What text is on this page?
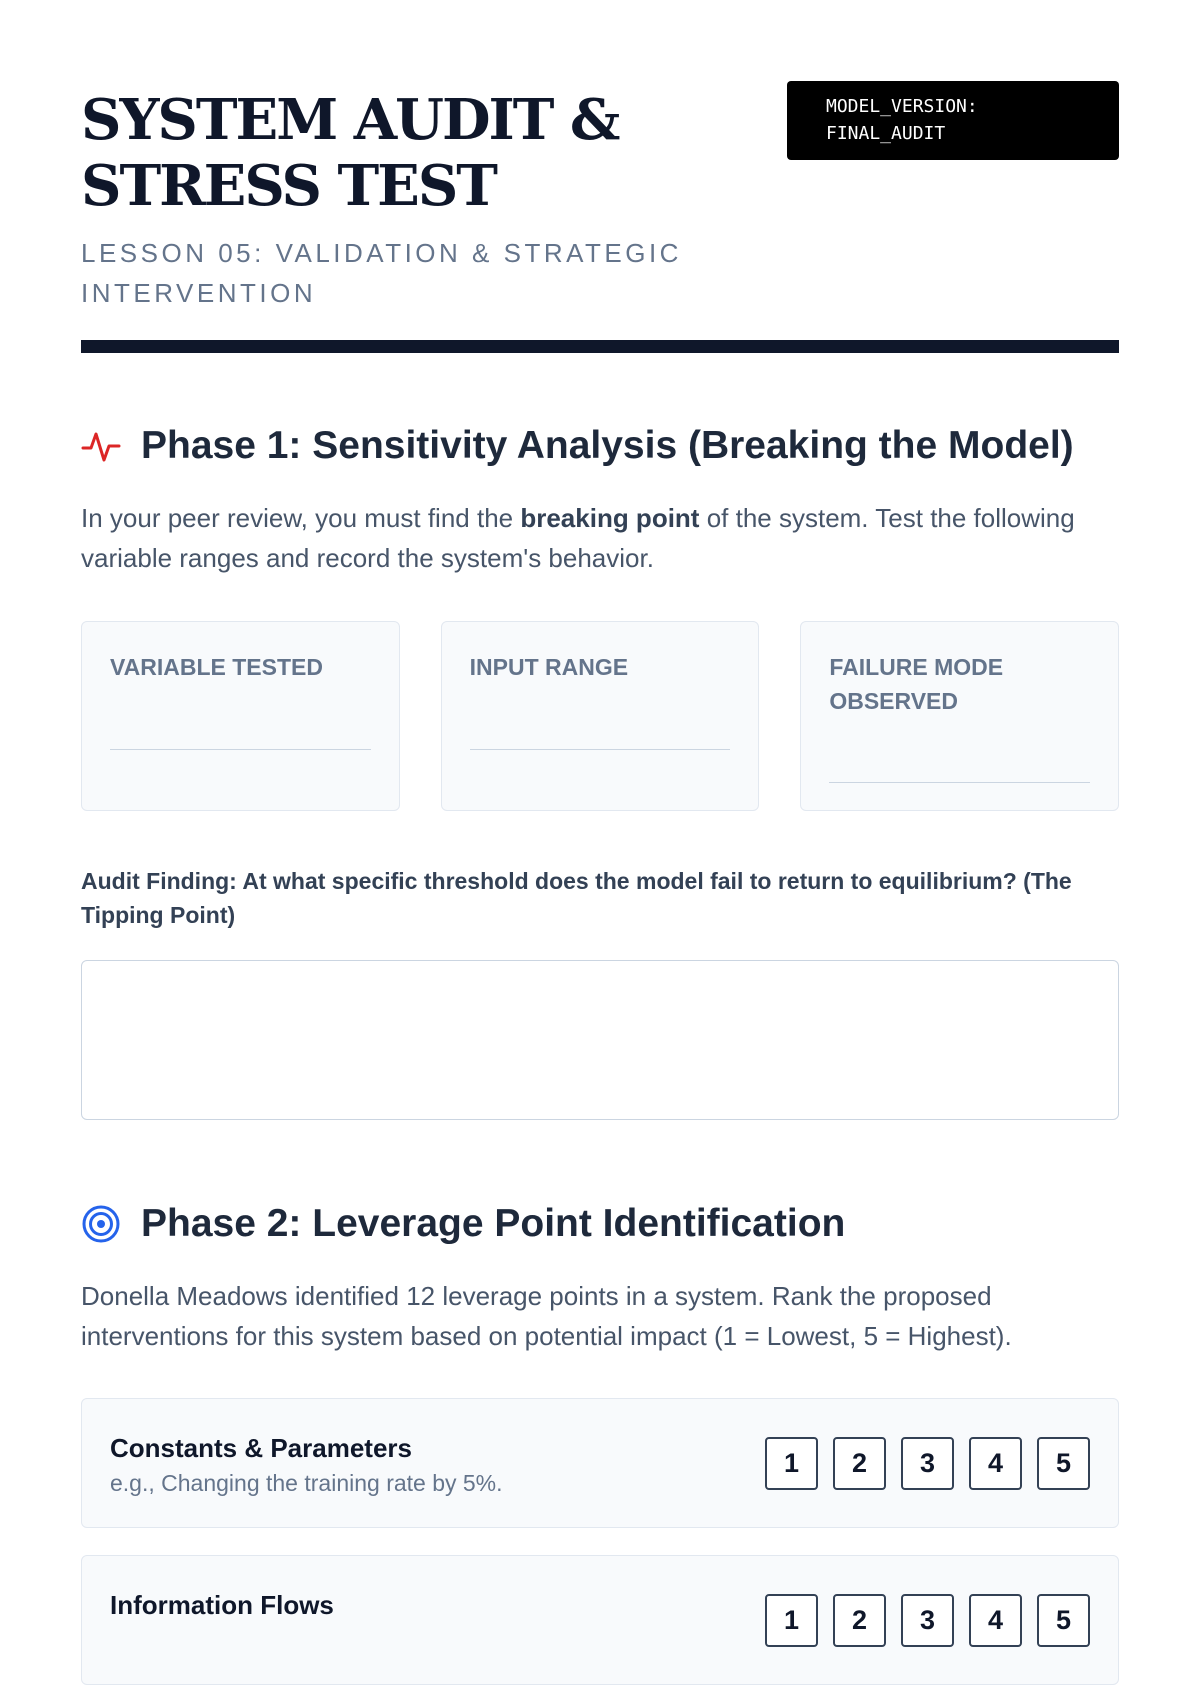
SYSTEM AUDIT & STRESS TEST
LESSON 05: VALIDATION & STRATEGIC INTERVENTION
MODEL_VERSION:
FINAL_AUDIT
Phase 1: Sensitivity Analysis (Breaking the Model)

In your peer review, you must find the breaking point of the system. Test the following variable ranges and record the system's behavior.

VARIABLE TESTED	INPUT RANGE	FAILURE MODE OBSERVED
Audit Finding: At what specific threshold does the model fail to return to equilibrium? (The Tipping Point)
Phase 2: Leverage Point Identification

Donella Meadows identified 12 leverage points in a system. Rank the proposed interventions for this system based on potential impact (1 = Lowest, 5 = Highest).

Constants & Parameters
e.g., Changing the training rate by 5%.
1	2	3	4	5
Information Flows	1	2	3	4	5
